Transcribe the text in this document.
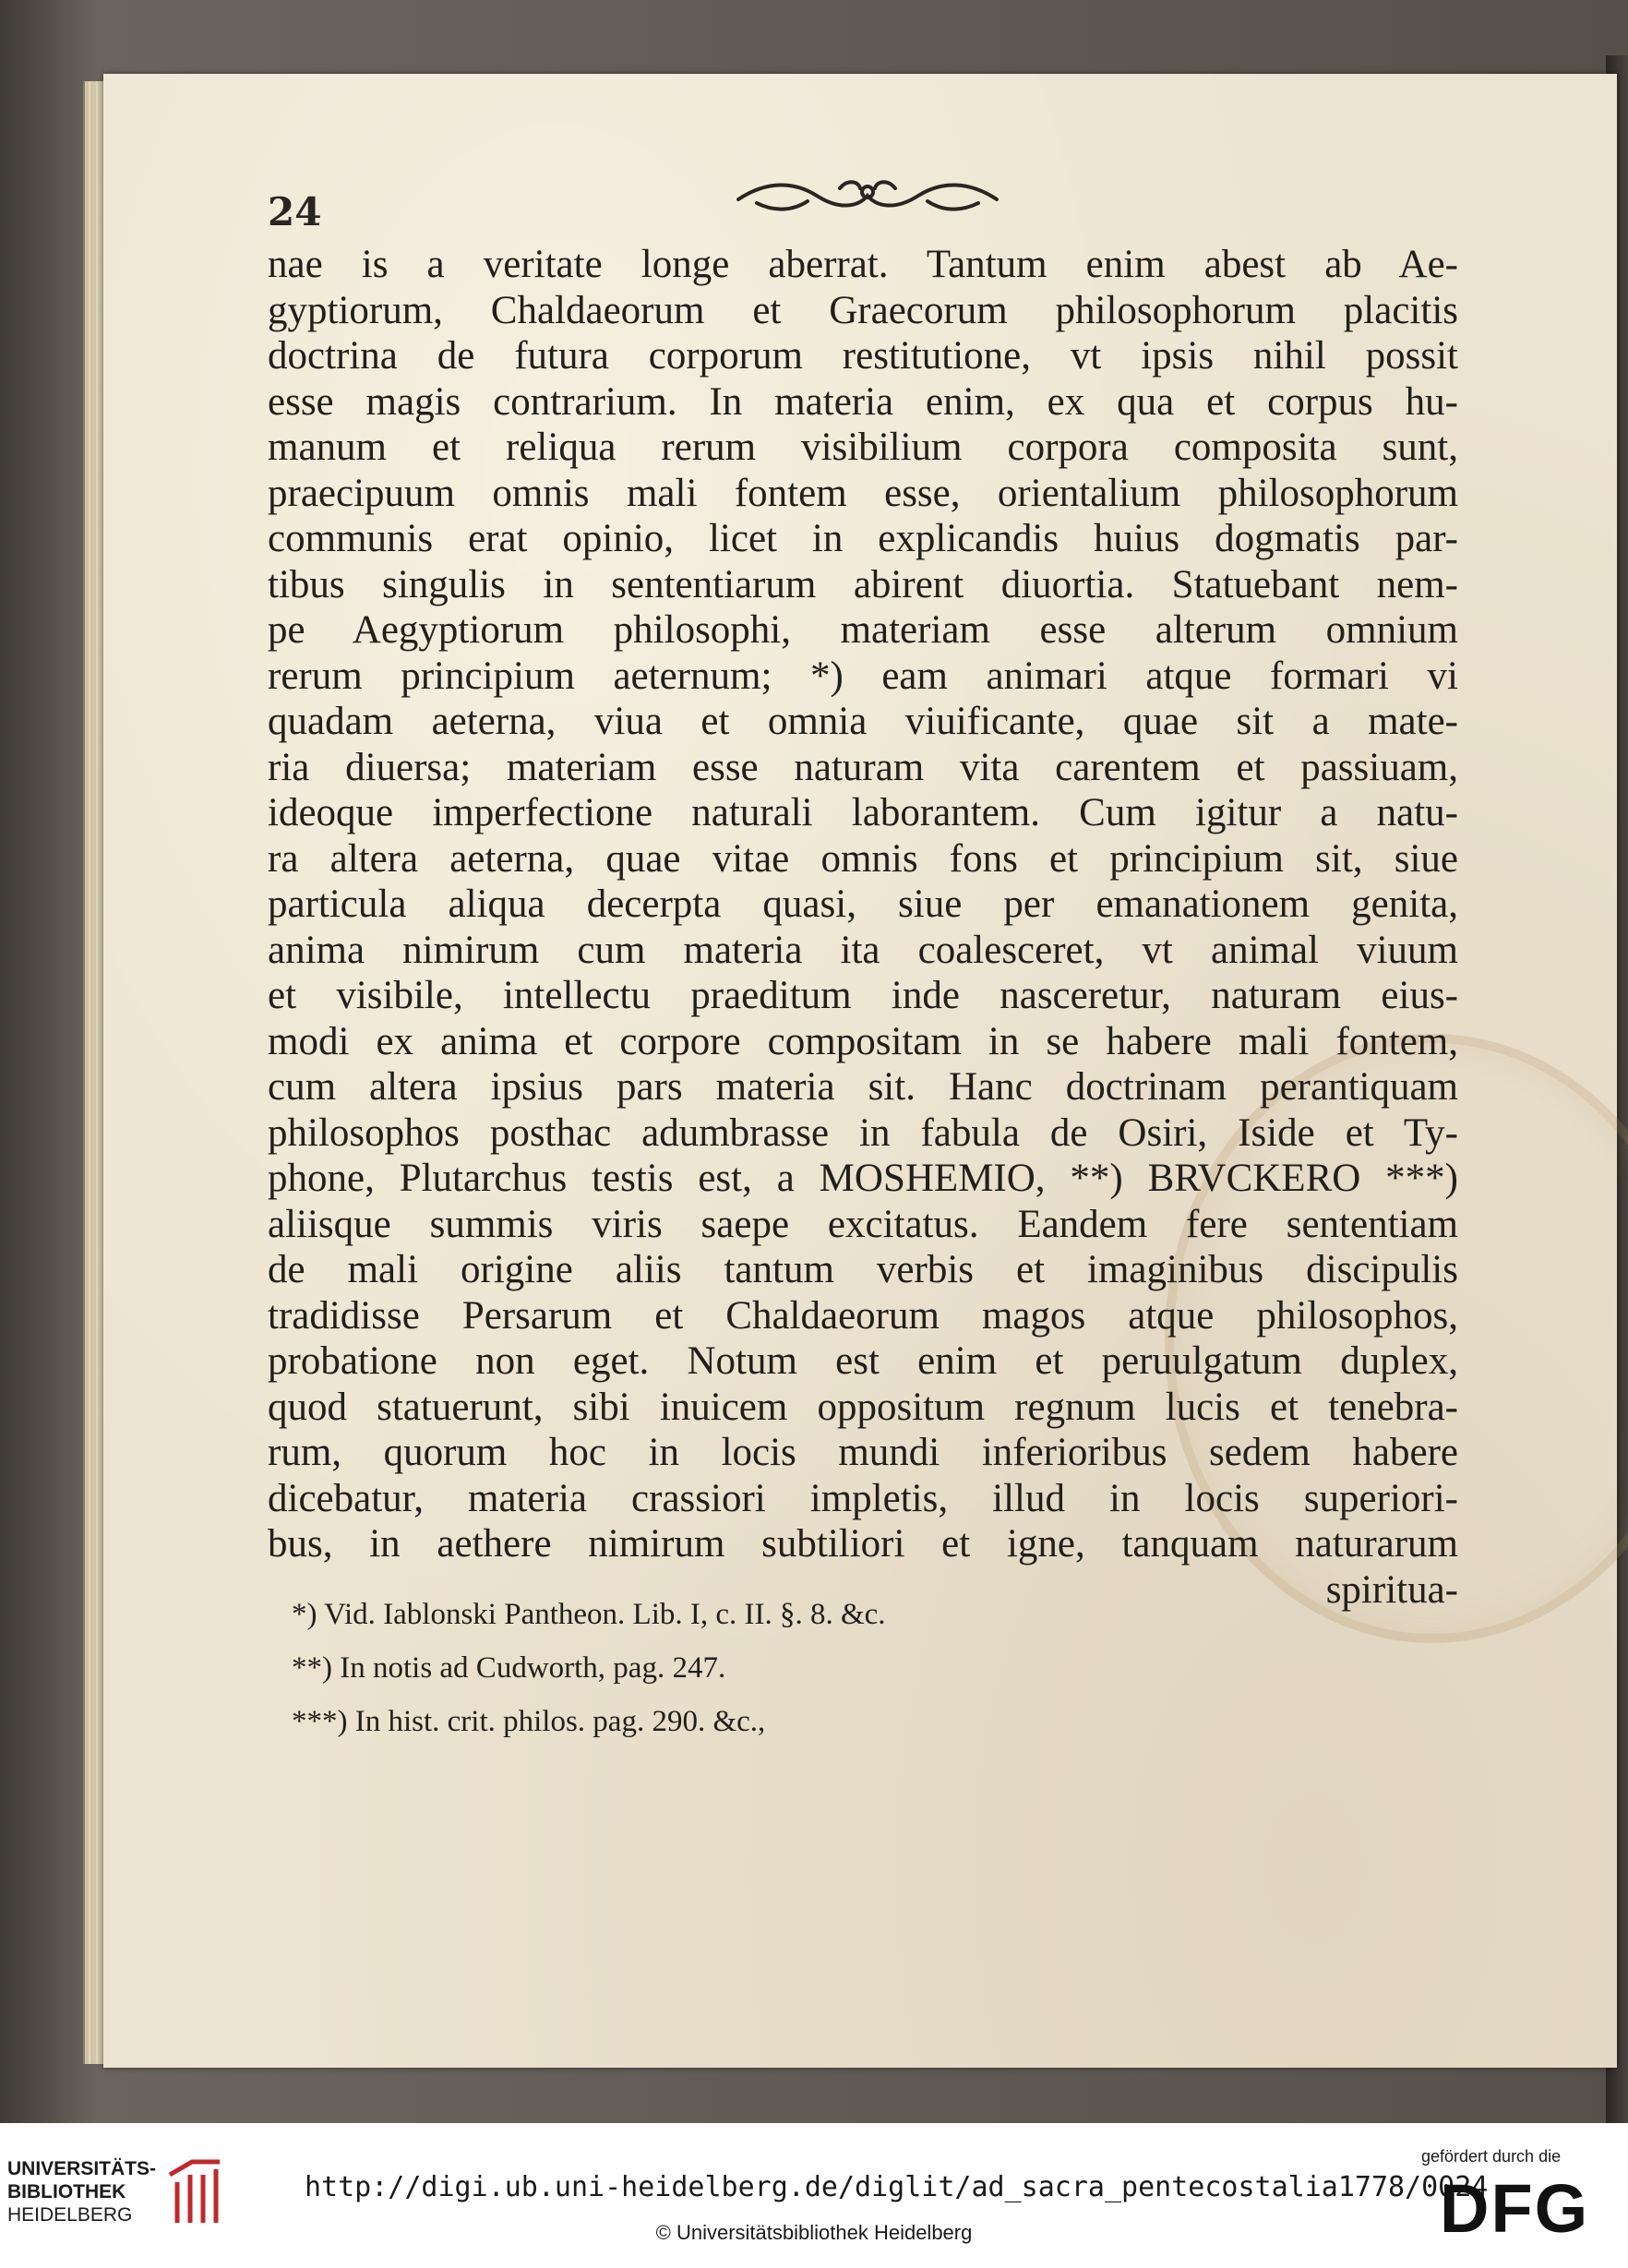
24
nae is a veritate longe aberrat. Tantum enim abest ab Ae-
gyptiorum, Chaldaeorum et Graecorum philosophorum placitis
doctrina de futura corporum restitutione, vt ipsis nihil possit
esse magis contrarium. In materia enim, ex qua et corpus hu-
manum et reliqua rerum visibilium corpora composita sunt,
praecipuum omnis mali fontem esse, orientalium philosophorum
communis erat opinio, licet in explicandis huius dogmatis par-
tibus singulis in sententiarum abirent diuortia. Statuebant nem-
pe Aegyptiorum philosophi, materiam esse alterum omnium
rerum principium aeternum; *) eam animari atque formari vi
quadam aeterna, viua et omnia viuificante, quae sit a mate-
ria diuersa; materiam esse naturam vita carentem et passiuam,
ideoque imperfectione naturali laborantem. Cum igitur a natu-
ra altera aeterna, quae vitae omnis fons et principium sit, siue
particula aliqua decerpta quasi, siue per emanationem genita,
anima nimirum cum materia ita coalesceret, vt animal viuum
et visibile, intellectu praeditum inde nasceretur, naturam eius-
modi ex anima et corpore compositam in se habere mali fontem,
cum altera ipsius pars materia sit. Hanc doctrinam perantiquam
philosophos posthac adumbrasse in fabula de Osiri, Iside et Ty-
phone, Plutarchus testis est, a MOSHEMIO, **) BRVCKERO ***)
aliisque summis viris saepe excitatus. Eandem fere sententiam
de mali origine aliis tantum verbis et imaginibus discipulis
tradidisse Persarum et Chaldaeorum magos atque philosophos,
probatione non eget. Notum est enim et peruulgatum duplex,
quod statuerunt, sibi inuicem oppositum regnum lucis et tenebra-
rum, quorum hoc in locis mundi inferioribus sedem habere
dicebatur, materia crassiori impletis, illud in locis superiori-
bus, in aethere nimirum subtiliori et igne, tanquam naturarum
spiritua-
*) Vid. Iablonski Pantheon. Lib. I, c. II. §. 8. &c.
**) In notis ad Cudworth, pag. 247.
***) In hist. crit. philos. pag. 290. &c.,
UNIVERSITÄTS-
BIBLIOTHEK
HEIDELBERG
http://digi.ub.uni-heidelberg.de/diglit/ad_sacra_pentecostalia1778/0024
© Universitätsbibliothek Heidelberg
gefördert durch die
DFG
